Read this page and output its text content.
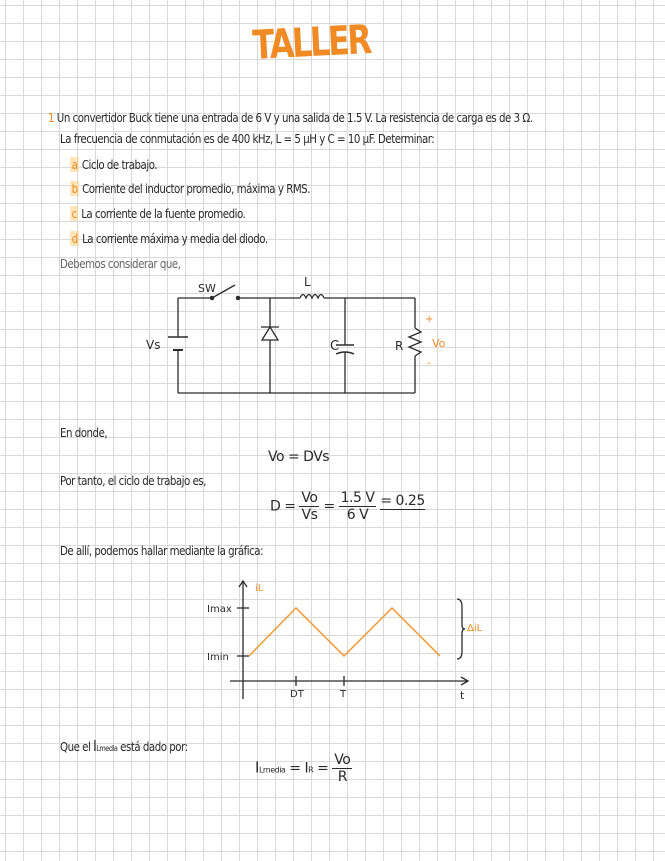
TALLER
1 Un convertidor Buck tiene una entrada de 6 V y una salida de 1.5 V. La resistencia de carga es de 3 Ω.
La frecuencia de conmutación es de 400 kHz, L = 5 μH y C = 10 μF. Determinar:
a Ciclo de trabajo.
b Corriente del inductor promedio, máxima y RMS.
c La corriente de la fuente promedio.
d La corriente máxima y media del diodo.
Debemos considerar que,
SW	L
Vs	C	R
+
Vo
-
En donde,
Vo = DVs
Por tanto, el ciclo de trabajo es,
$D = \frac{Vo}{Vs} = \frac{1.5 V}{6 V} = 0.25$
De allí, podemos hallar mediante la gráfica:
iL
Imax
Imin
DT	T	t
ΔiL
Que el ILmedia está dado por:
ILmedia = IR = $\frac{Vo}{R}$
